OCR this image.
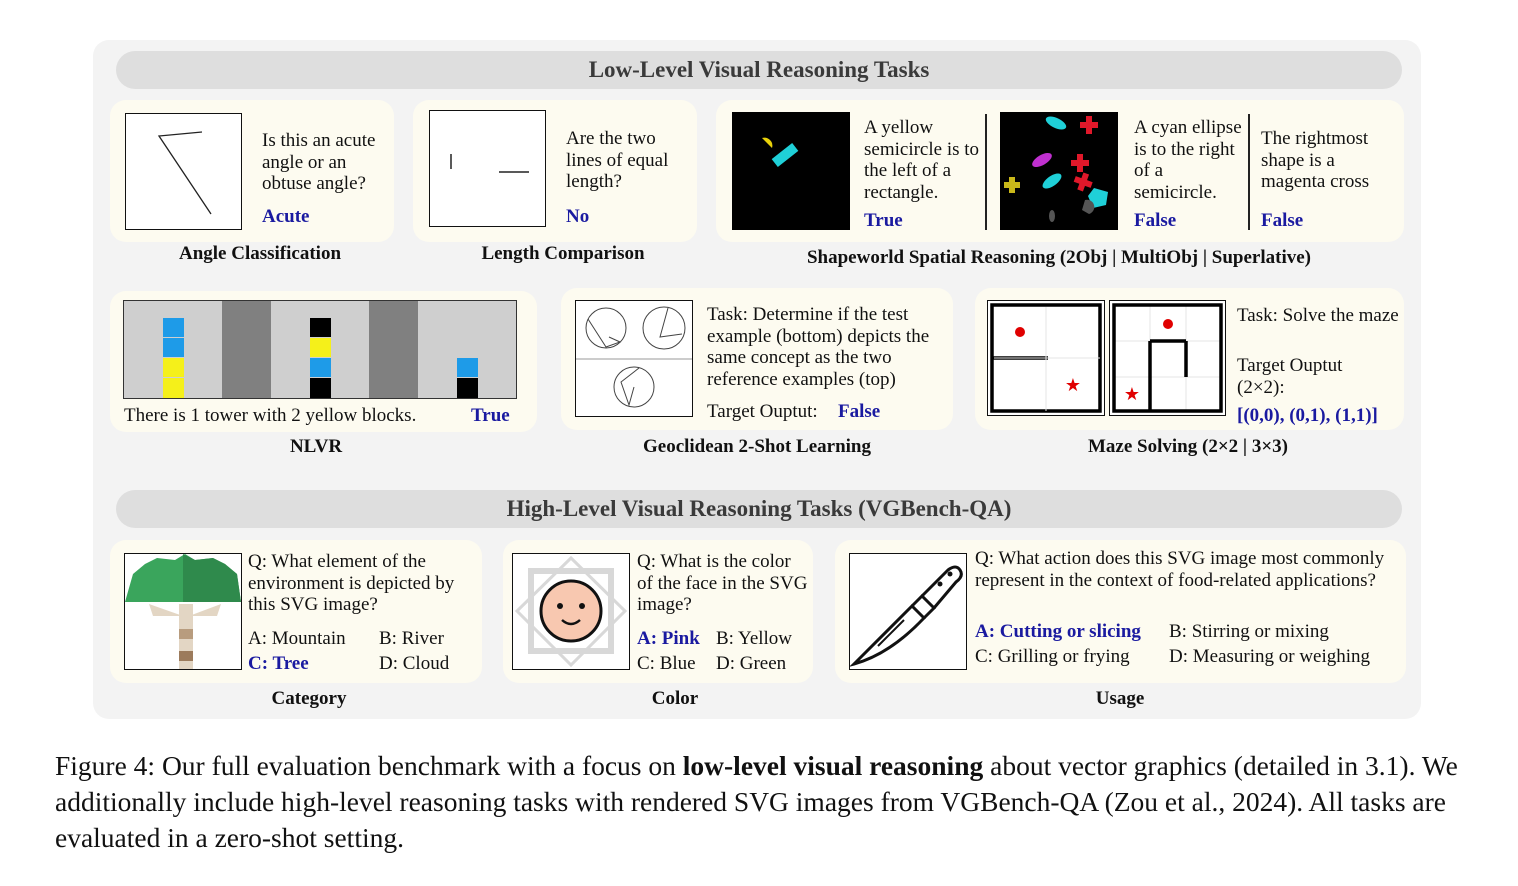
Low-Level Visual Reasoning Tasks
Is this an acute angle or an obtuse angle?
Acute
Angle Classification
Are the two lines of equal length?
No
Length Comparison
A yellow semicircle is to the left of a rectangle.
True
A cyan ellipse is to the right of a semicircle.
False
The rightmost shape is a magenta cross
False
Shapeworld Spatial Reasoning (2Obj | MultiObj | Superlative)
There is 1 tower with 2 yellow blocks.	True
NLVR
Task: Determine if the test example (bottom) depicts the same concept as the two reference examples (top)
Target Ouptut: False
Geoclidean 2-Shot Learning
★ ★
Task: Solve the maze
Target Ouptut (2×2):
[(0,0), (0,1), (1,1)]
Maze Solving (2×2 | 3×3)
High-Level Visual Reasoning Tasks (VGBench-QA)
Q: What element of the environment is depicted by this SVG image?
A: Mountain B: River
C: Tree	D: Cloud
Category
Q: What is the color of the face in the SVG image?
A: Pink B: Yellow
C: Blue D: Green
Color
Q: What action does this SVG image most commonly represent in the context of food-related applications?
A: Cutting or slicing B: Stirring or mixing
C: Grilling or frying D: Measuring or weighing
Usage
Figure 4: Our full evaluation benchmark with a focus on low-level visual reasoning about vector graphics (detailed in 3.1). We additionally include high-level reasoning tasks with rendered SVG images from VGBench-QA (Zou et al., 2024). All tasks are evaluated in a zero-shot setting.
